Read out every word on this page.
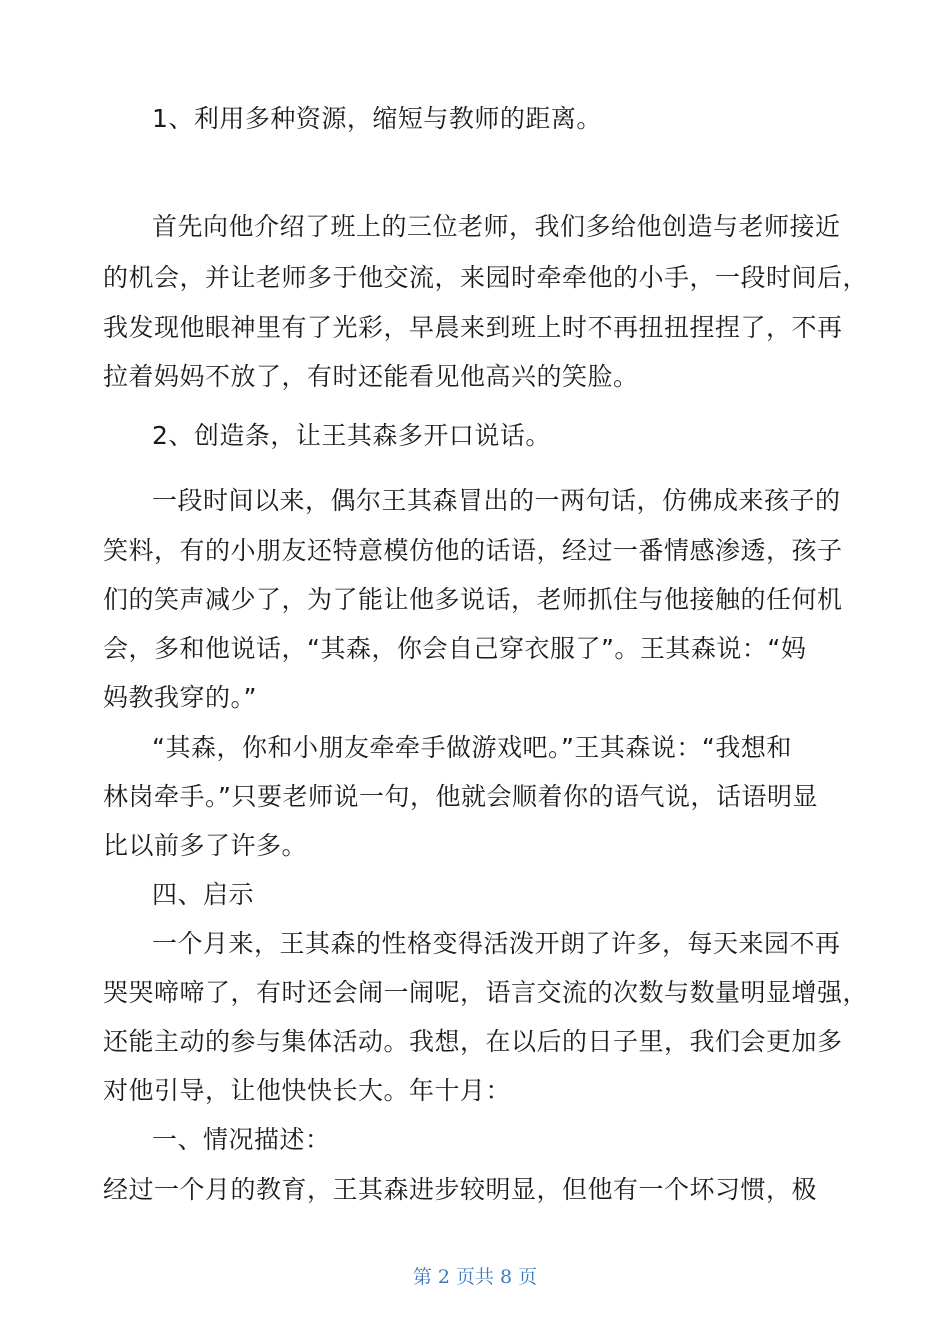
1、利用多种资源，缩短与教师的距离。
首先向他介绍了班上的三位老师，我们多给他创造与老师接近
的机会，并让老师多于他交流，来园时牵牵他的小手，一段时间后，
我发现他眼神里有了光彩，早晨来到班上时不再扭扭捏捏了，不再
拉着妈妈不放了，有时还能看见他高兴的笑脸。
2、创造条，让王其森多开口说话。
一段时间以来，偶尔王其森冒出的一两句话，仿佛成来孩子的
笑料，有的小朋友还特意模仿他的话语，经过一番情感渗透，孩子
们的笑声减少了，为了能让他多说话，老师抓住与他接触的任何机
会，多和他说话，“其森，你会自己穿衣服了”。王其森说：“妈
妈教我穿的。”
“其森，你和小朋友牵牵手做游戏吧。”王其森说：“我想和
林岗牵手。”只要老师说一句，他就会顺着你的语气说，话语明显
比以前多了许多。
四、启示
一个月来，王其森的性格变得活泼开朗了许多，每天来园不再
哭哭啼啼了，有时还会闹一闹呢，语言交流的次数与数量明显增强，
还能主动的参与集体活动。我想，在以后的日子里，我们会更加多
对他引导，让他快快长大。年十月：
一、情况描述：
经过一个月的教育，王其森进步较明显，但他有一个坏习惯，极
第 2 页共 8 页
